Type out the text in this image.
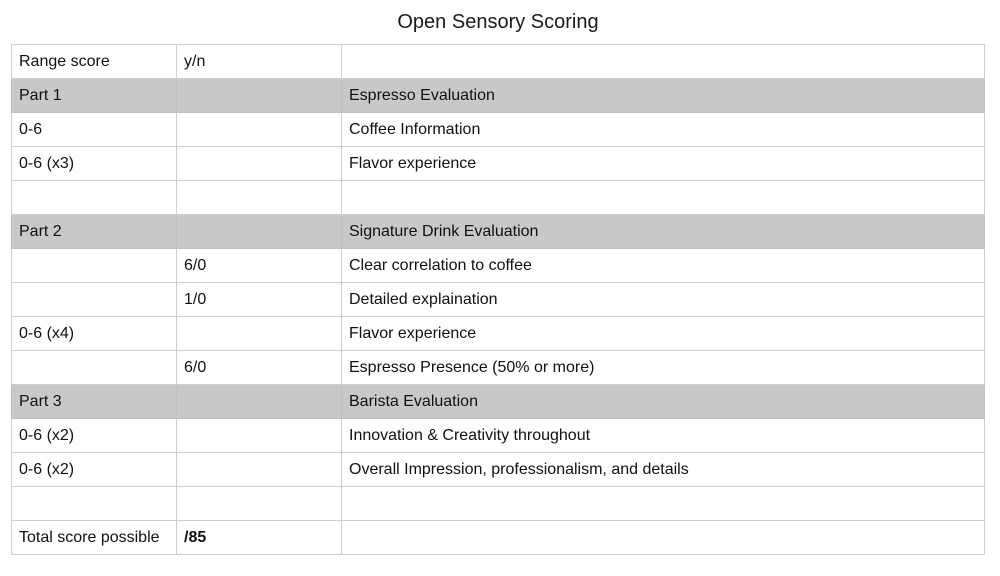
Open Sensory Scoring
Range score	y/n	
Part 1		Espresso Evaluation
0-6		Coffee Information
0-6 (x3)		Flavor experience

Part 2		Signature Drink Evaluation
	6/0	Clear correlation to coffee
	1/0	Detailed explaination
0-6 (x4)		Flavor experience
	6/0	Espresso Presence (50% or more)
Part 3		Barista Evaluation
0-6 (x2)		Innovation & Creativity throughout
0-6 (x2)		Overall Impression, professionalism, and details

Total score possible	/85	
